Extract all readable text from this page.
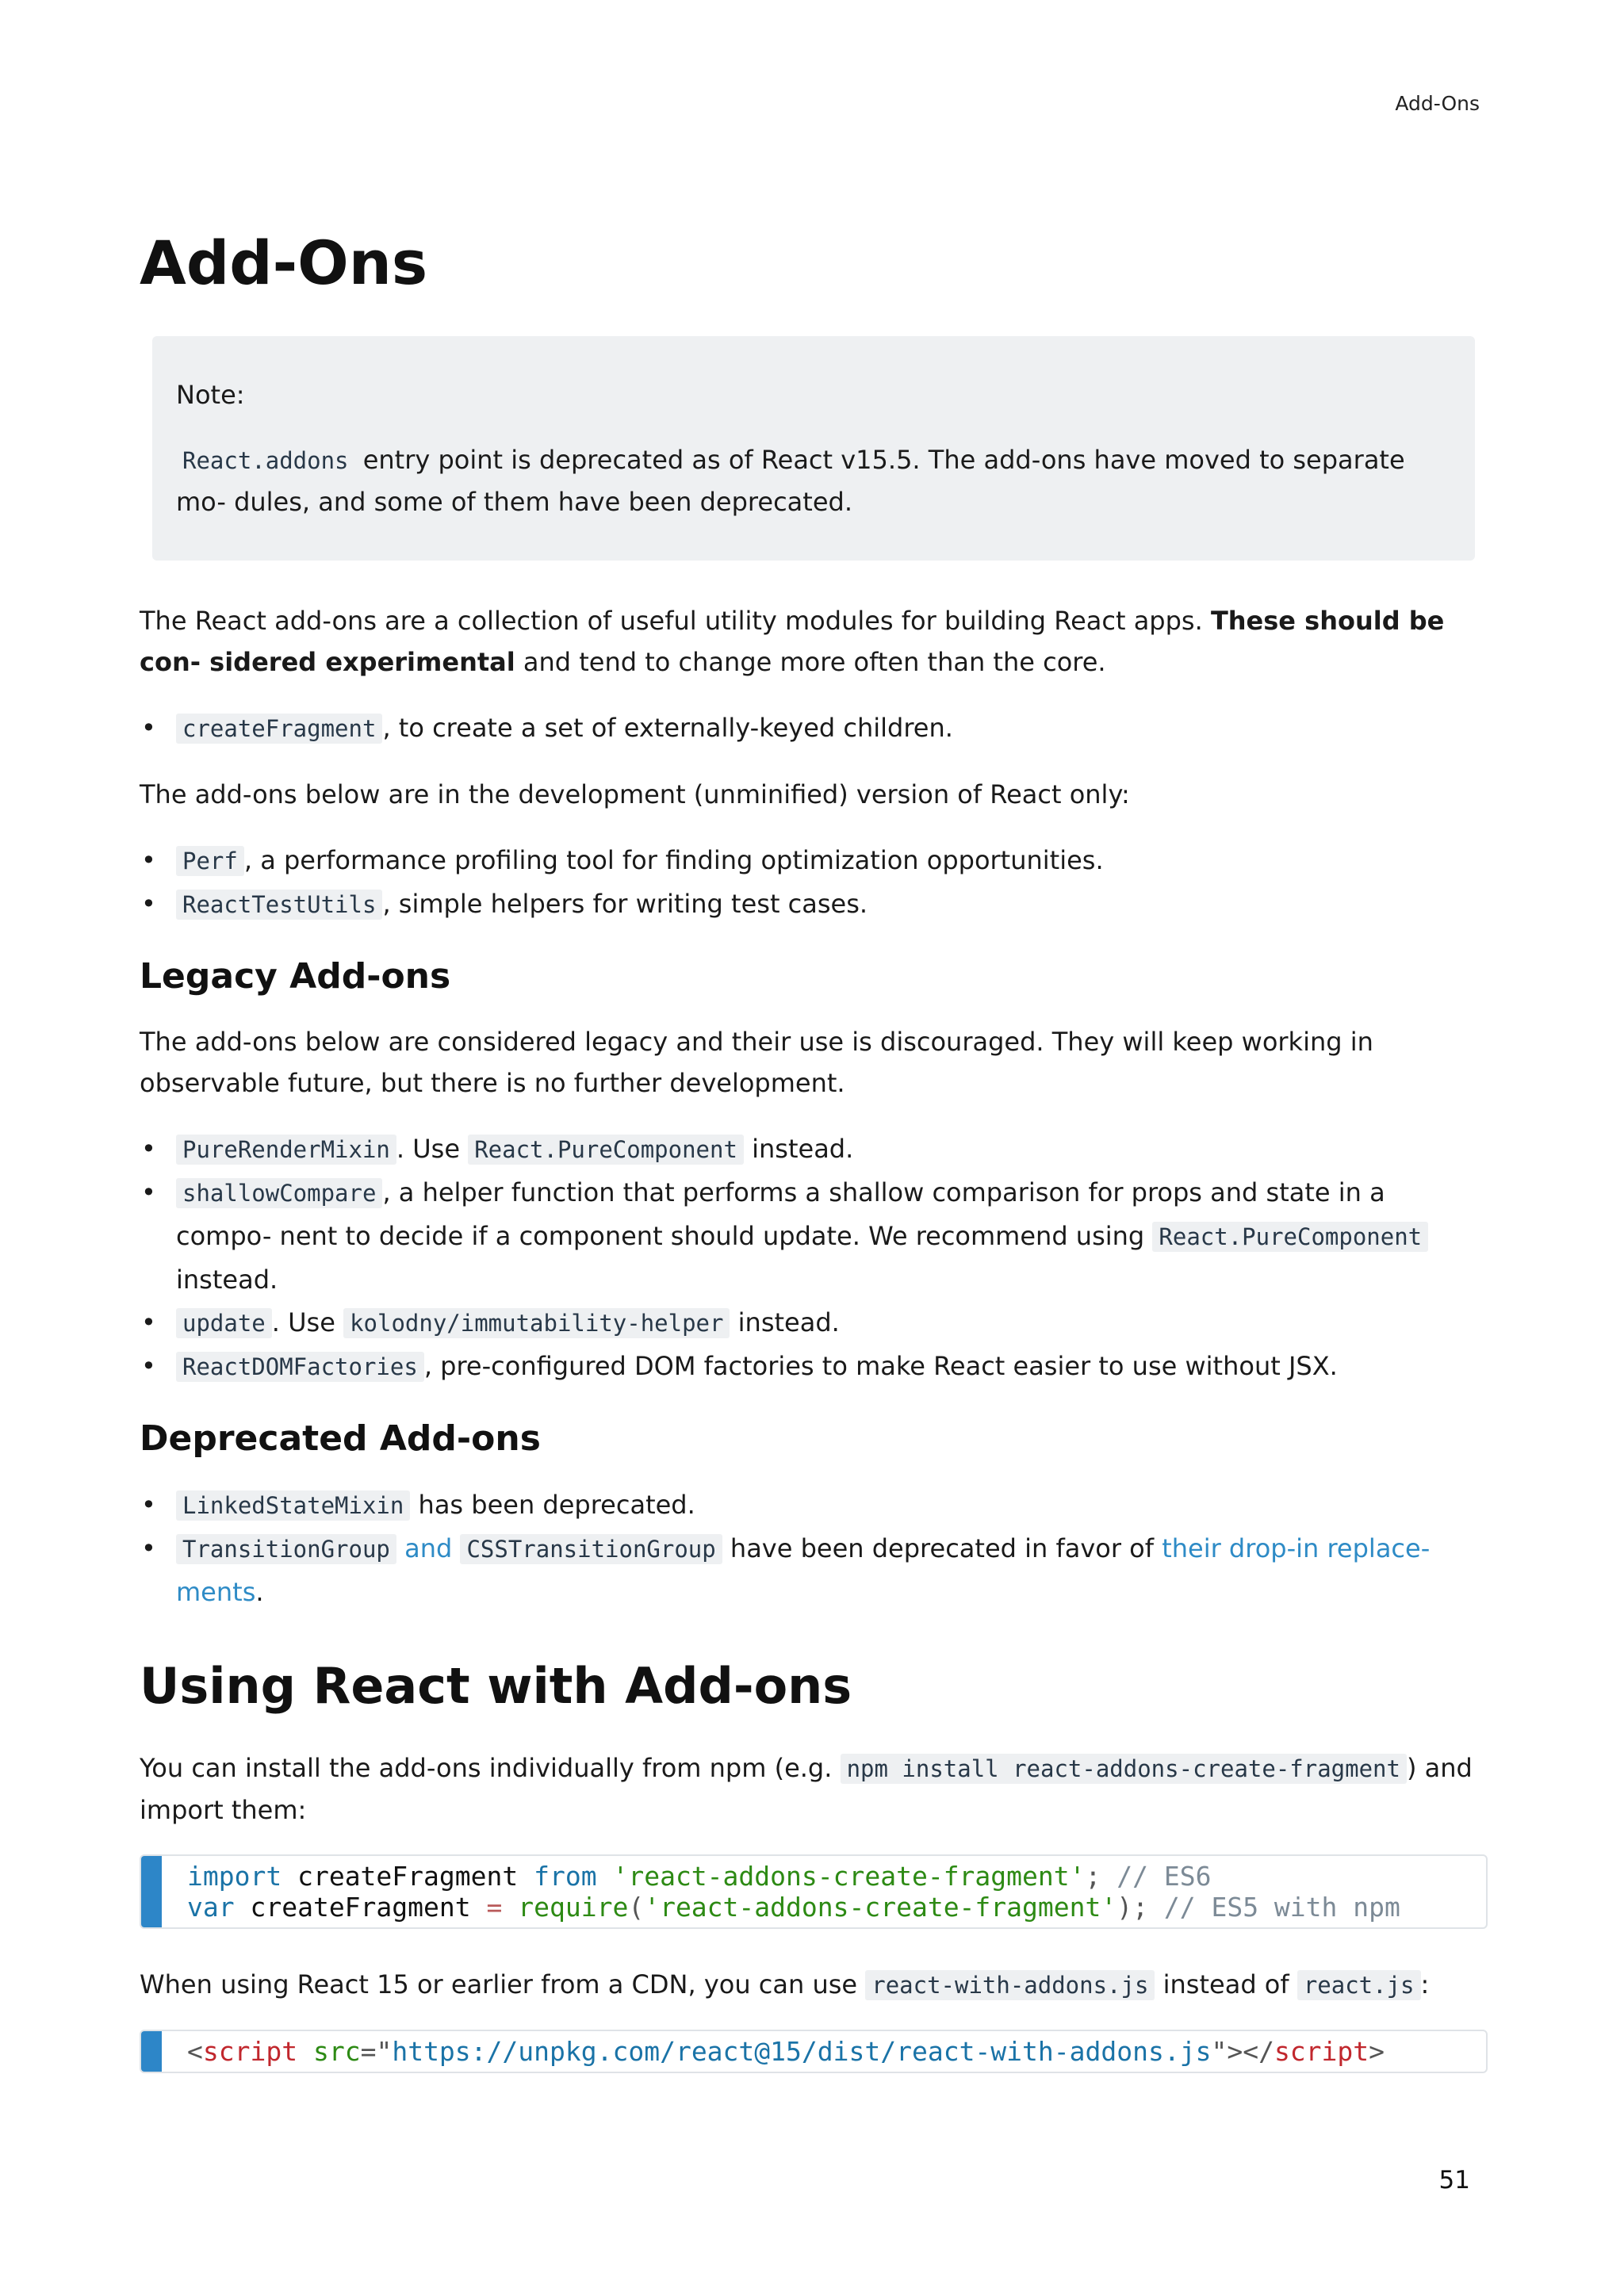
Add-Ons
Add-Ons

Note:

React.addons entry point is deprecated as of React v15.5. The add-ons have moved to separate mo- dules, and some of them have been deprecated.

The React add-ons are a collection of useful utility modules for building React apps. These should be con- sidered experimental and tend to change more often than the core.

• createFragment , to create a set of externally-keyed children.

The add-ons below are in the development (unminified) version of React only:

• Perf , a performance profiling tool for finding optimization opportunities.
• ReactTestUtils , simple helpers for writing test cases.
Legacy Add-ons

The add-ons below are considered legacy and their use is discouraged. They will keep working in observable future, but there is no further development.

• PureRenderMixin . Use React.PureComponent instead.
• shallowCompare , a helper function that performs a shallow comparison for props and state in a compo- nent to decide if a component should update. We recommend using React.PureComponent instead.
• update . Use kolodny/immutability-helper instead.
• ReactDOMFactories , pre-configured DOM factories to make React easier to use without JSX.
Deprecated Add-ons
• LinkedStateMixin has been deprecated.
• TransitionGroup and CSSTransitionGroup have been deprecated in favor of their drop-in replace- ments.
Using React with Add-ons

You can install the add-ons individually from npm (e.g. npm install react-addons-create-fragment ) and import them:

import createFragment from 'react-addons-create-fragment'; // ES6
var createFragment = require('react-addons-create-fragment'); // ES5 with npm

When using React 15 or earlier from a CDN, you can use react-with-addons.js instead of react.js :

<script src="https://unpkg.com/react@15/dist/react-with-addons.js"></script>
51
